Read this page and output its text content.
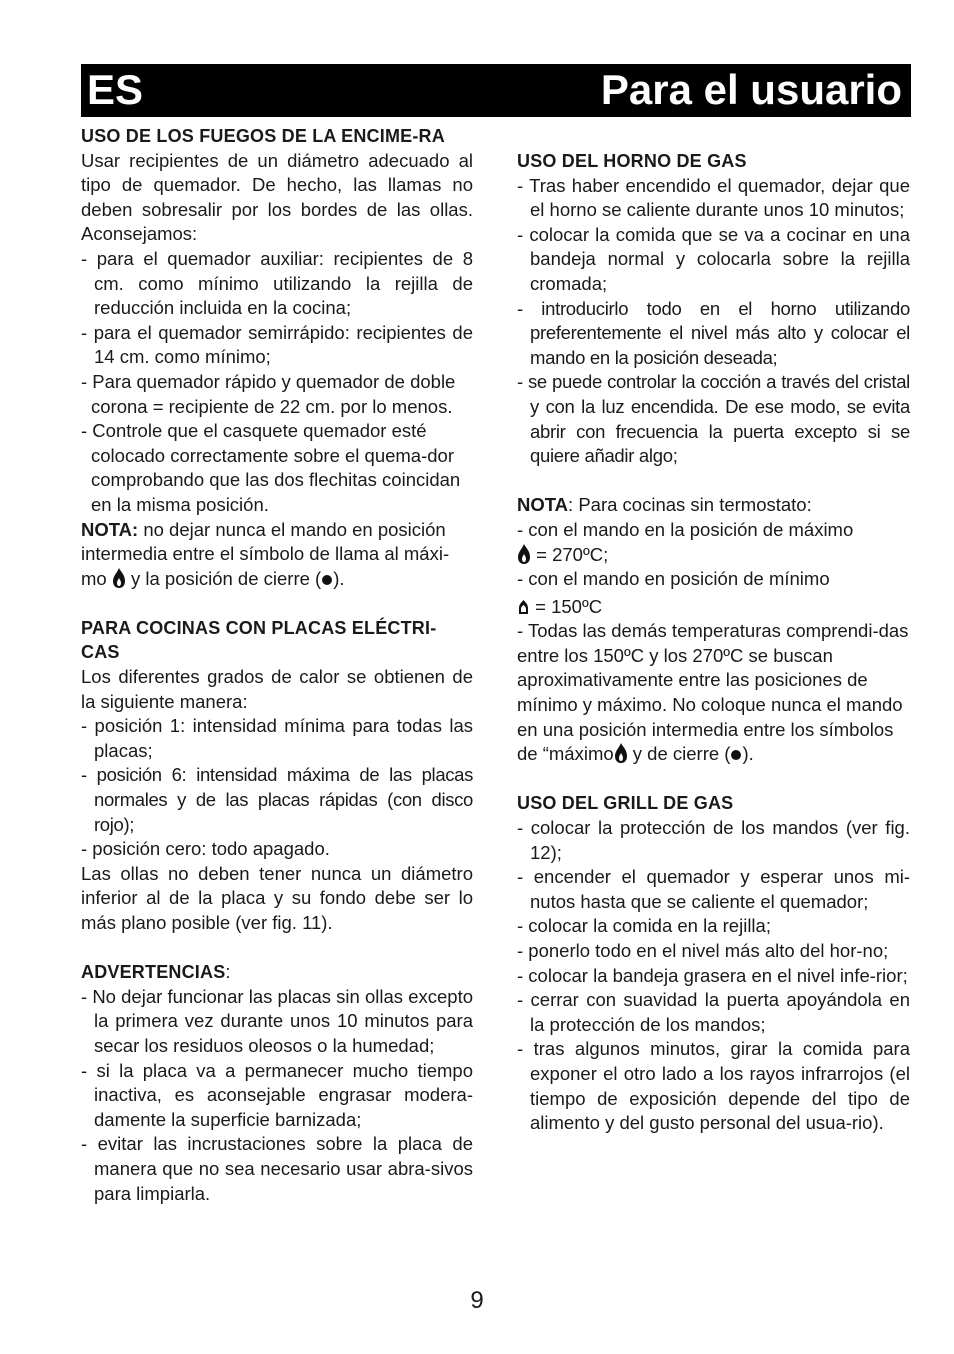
ES	Para el usuario

USO DE LOS FUEGOS DE LA ENCIME-RA

Usar recipientes de un diámetro adecuado al tipo de quemador. De hecho, las llamas no deben sobresalir por los bordes de las ollas. Aconsejamos:

- para el quemador auxiliar: recipientes de 8 cm. como mínimo utilizando la rejilla de reducción incluida en la cocina;

- para el quemador semirrápido: recipientes de 14 cm. como mínimo;

- Para quemador rápido y quemador de doble corona = recipiente de 22 cm. por lo menos.

- Controle que el casquete quemador esté colocado correctamente sobre el quema-dor comprobando que las dos flechitas coincidan en la misma posición.

NOTA: no dejar nunca el mando en posición intermedia entre el símbolo de llama al máxi-mo  y la posición de cierre ( ).

PARA COCINAS CON PLACAS ELÉCTRI-CAS

Los diferentes grados de calor se obtienen de la siguiente manera:

- posición 1: intensidad mínima para todas las placas;

- posición 6: intensidad máxima de las placas normales y de las placas rápidas (con disco rojo);

- posición cero: todo apagado.

Las ollas no deben tener nunca un diámetro inferior al de la placa y su fondo debe ser lo más plano posible (ver fig. 11).

ADVERTENCIAS:

- No dejar funcionar las placas sin ollas excepto la primera vez durante unos 10 minutos para secar los residuos oleosos o la humedad;

- si la placa va a permanecer mucho tiempo inactiva, es aconsejable engrasar modera-damente la superficie barnizada;

- evitar las incrustaciones sobre la placa de manera que no sea necesario usar abra-sivos para limpiarla.

USO DEL HORNO DE GAS

- Tras haber encendido el quemador, dejar que el horno se caliente durante unos 10 minutos;

- colocar la comida que se va a cocinar en una bandeja normal y colocarla sobre la rejilla cromada;

- introducirlo todo en el horno utilizando preferentemente el nivel más alto y colocar el mando en la posición deseada;

- se puede controlar la cocción a través del cristal y con la luz encendida. De ese modo, se evita abrir con frecuencia la puerta excepto si se quiere añadir algo;

NOTA: Para cocinas sin termostato:

- con el mando en la posición de máximo

= 270ºC;

- con el mando en posición de mínimo

= 150ºC

- Todas las demás temperaturas comprendi-das entre los 150ºC y los 270ºC se buscan aproximativamente entre las posiciones de mínimo y máximo. No coloque nunca el mando en una posición intermedia entre los símbolos de “máximo y de cierre ( ).

USO DEL GRILL DE GAS

- colocar la protección de los mandos (ver fig. 12);

- encender el quemador y esperar unos mi-nutos hasta que se caliente el quemador;

- colocar la comida en la rejilla;

- ponerlo todo en el nivel más alto del hor-no;

- colocar la bandeja grasera en el nivel infe-rior;

- cerrar con suavidad la puerta apoyándola en la protección de los mandos;

- tras algunos minutos, girar la comida para exponer el otro lado a los rayos infrarrojos (el tiempo de exposición depende del tipo de alimento y del gusto personal del usua-rio).

9
